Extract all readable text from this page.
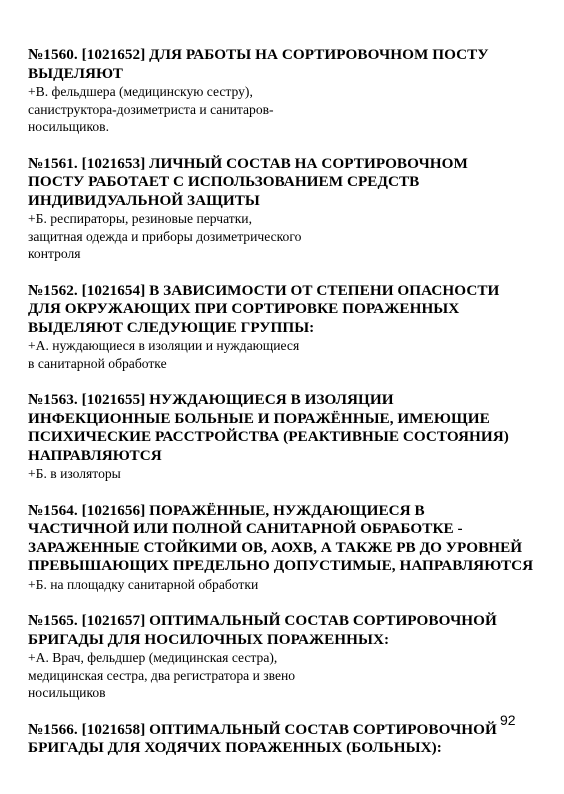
№1560. [1021652] ДЛЯ РАБОТЫ НА СОРТИРОВОЧНОМ ПОСТУ
ВЫДЕЛЯЮТ
+В. фельдшера (медицинскую сестру),
саниструктора-дозиметриста и санитаров-
носильщиков.
№1561. [1021653] ЛИЧНЫЙ СОСТАВ НА СОРТИРОВОЧНОМ
ПОСТУ РАБОТАЕТ С ИСПОЛЬЗОВАНИЕМ СРЕДСТВ
ИНДИВИДУАЛЬНОЙ ЗАЩИТЫ
+Б. респираторы, резиновые перчатки,
защитная одежда и приборы дозиметрического
контроля
№1562. [1021654] В ЗАВИСИМОСТИ ОТ СТЕПЕНИ ОПАСНОСТИ
ДЛЯ ОКРУЖАЮЩИХ ПРИ СОРТИРОВКЕ ПОРАЖЕННЫХ
ВЫДЕЛЯЮТ СЛЕДУЮЩИЕ ГРУППЫ:
+А. нуждающиеся в изоляции и нуждающиеся
в санитарной обработке
№1563. [1021655] НУЖДАЮЩИЕСЯ В ИЗОЛЯЦИИ
ИНФЕКЦИОННЫЕ БОЛЬНЫЕ И ПОРАЖЁННЫЕ, ИМЕЮЩИЕ
ПСИХИЧЕСКИЕ РАССТРОЙСТВА (РЕАКТИВНЫЕ СОСТОЯНИЯ)
НАПРАВЛЯЮТСЯ
+Б. в изоляторы
№1564. [1021656] ПОРАЖЁННЫЕ, НУЖДАЮЩИЕСЯ В
ЧАСТИЧНОЙ ИЛИ ПОЛНОЙ САНИТАРНОЙ ОБРАБОТКЕ -
ЗАРАЖЕННЫЕ СТОЙКИМИ ОВ, АОХВ, А ТАКЖЕ РВ ДО УРОВНЕЙ
ПРЕВЫШАЮЩИХ ПРЕДЕЛЬНО ДОПУСТИМЫЕ, НАПРАВЛЯЮТСЯ
+Б. на площадку санитарной обработки
№1565. [1021657] ОПТИМАЛЬНЫЙ СОСТАВ СОРТИРОВОЧНОЙ
БРИГАДЫ ДЛЯ НОСИЛОЧНЫХ ПОРАЖЕННЫХ:
+А. Врач, фельдшер (медицинская сестра),
медицинская сестра, два регистратора и звено
носильщиков
№1566. [1021658] ОПТИМАЛЬНЫЙ СОСТАВ СОРТИРОВОЧНОЙ
БРИГАДЫ ДЛЯ ХОДЯЧИХ ПОРАЖЕННЫХ (БОЛЬНЫХ):
92
